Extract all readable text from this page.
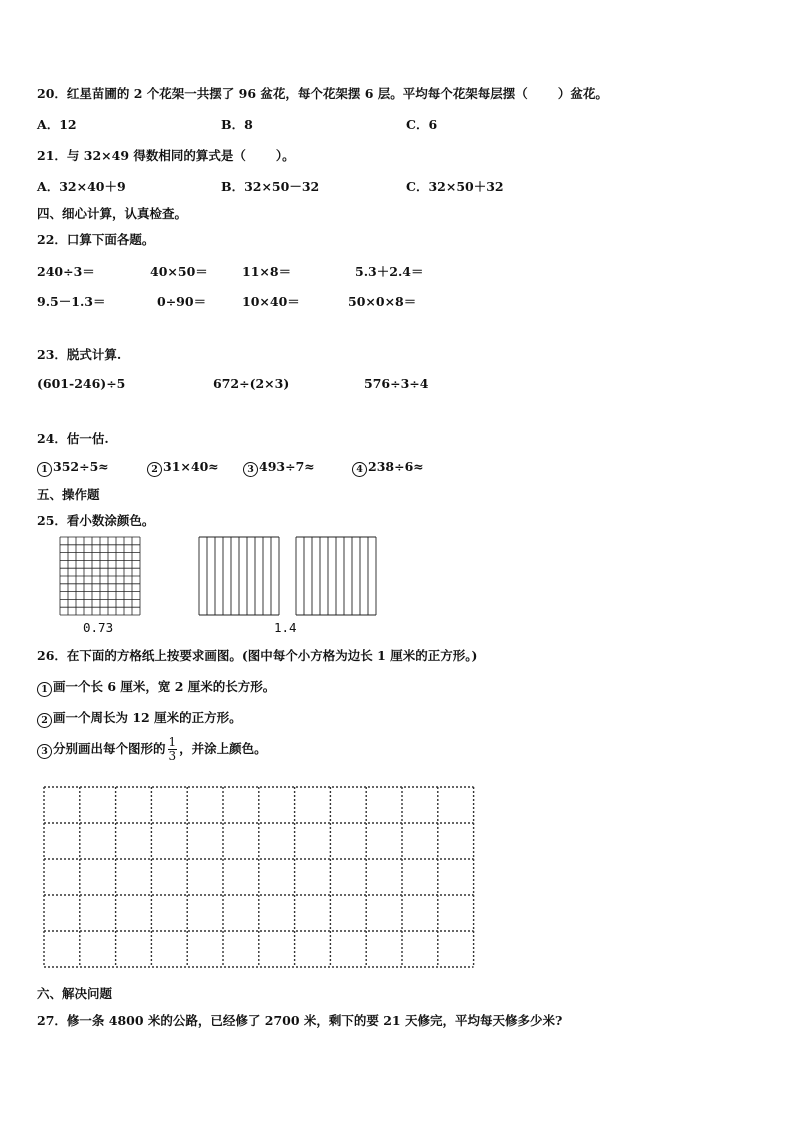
20．红星苗圃的 2 个花架一共摆了 96 盆花，每个花架摆 6 层。平均每个花架每层摆（ ）盆花。
A．12	B．8	C．6
21．与 32×49 得数相同的算式是（ ）。
A．32×40＋9	B．32×50－32	C．32×50＋32
四、细心计算，认真检查。
22．口算下面各题。
240÷3＝	40×50＝	11×8＝	5.3＋2.4＝
9.5－1.3＝	0÷90＝	10×40＝	50×0×8＝
23．脱式计算.
(601-246)÷5	672÷(2×3)	576÷3÷4
24．估一估.
1 352÷5≈	2 31×40≈	3 493÷7≈	4 238÷6≈
五、操作题
25．看小数涂颜色。
0.73	1.4
26．在下面的方格纸上按要求画图。(图中每个小方格为边长 1 厘米的正方形。)
1 画一个长 6 厘米，宽 2 厘米的长方形。
2 画一个周长为 12 厘米的正方形。
3 分别画出每个图形的 $\frac{1}{3}$ ，并涂上颜色。
六、解决问题
27．修一条 4800 米的公路，已经修了 2700 米，剩下的要 21 天修完，平均每天修多少米?
